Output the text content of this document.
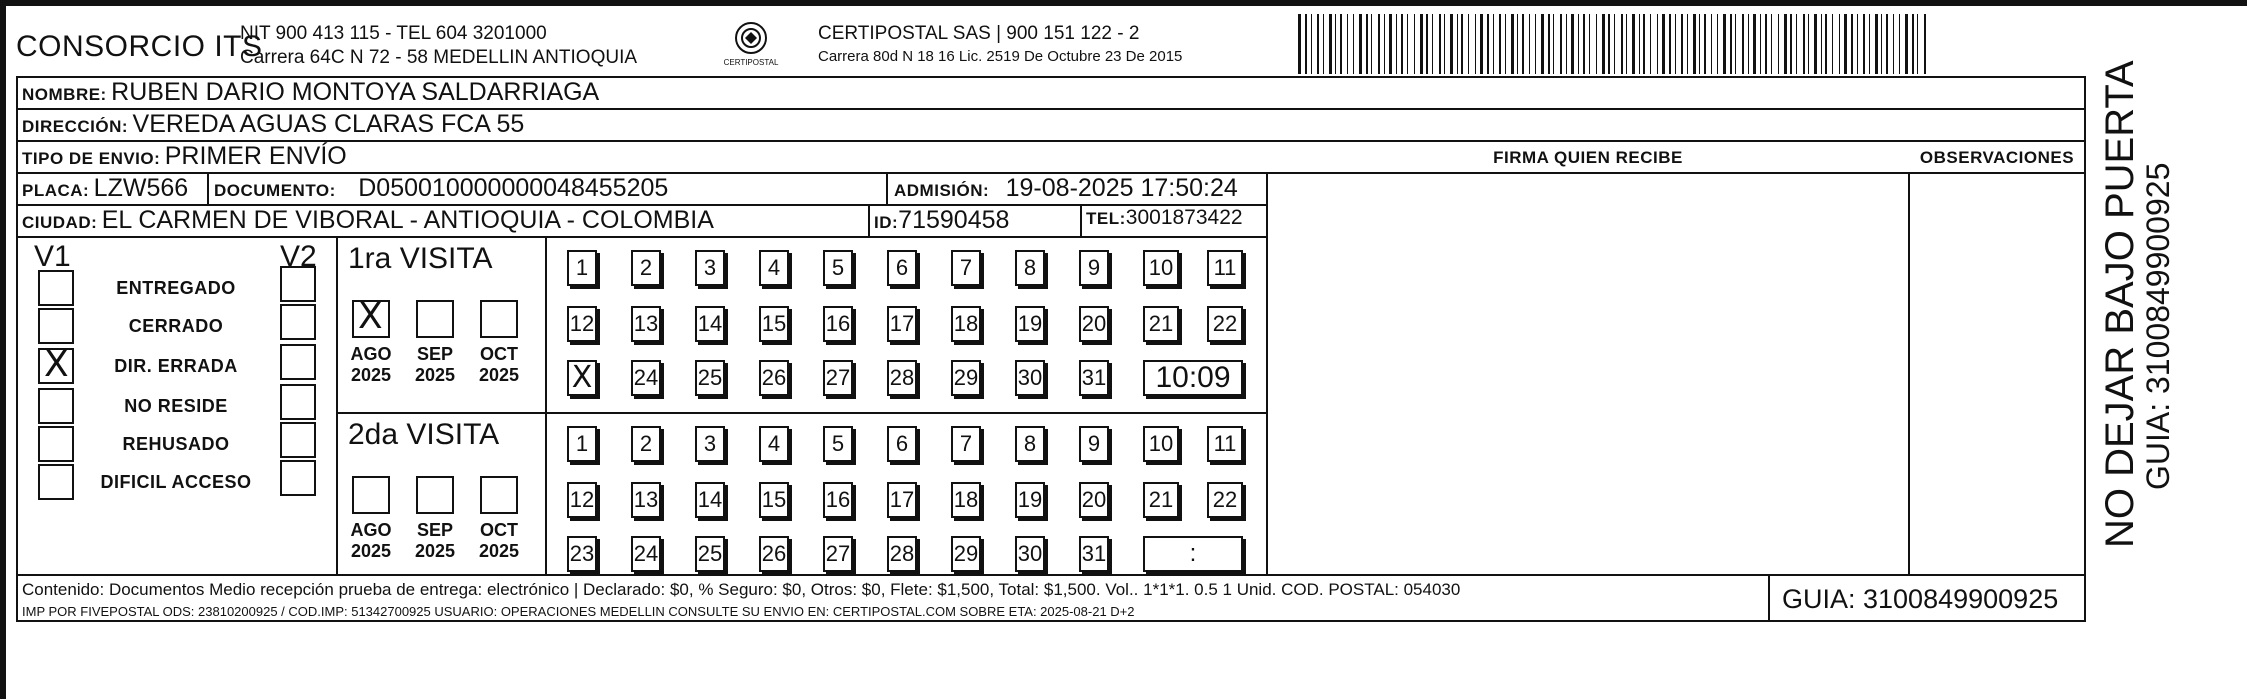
CONSORCIO ITS
NIT 900 413 115 - TEL 604 3201000
Carrera 64C N 72 - 58 MEDELLIN ANTIOQUIA	CERTIPOSTAL
CERTIPOSTAL SAS | 900 151 122 - 2
Carrera 80d N 18 16 Lic. 2519 De Octubre 23 De 2015
NOMBRE: RUBEN DARIO MONTOYA SALDARRIAGA
DIRECCIÓN: VEREDA AGUAS CLARAS FCA 55
TIPO DE ENVIO: PRIMER ENVÍO	FIRMA QUIEN RECIBE	OBSERVACIONES
PLACA: LZW566 DOCUMENTO: D050010000000048455205	ADMISIÓN: 19-08-2025 17:50:24
CIUDAD: EL CARMEN DE VIBORAL - ANTIOQUIA - COLOMBIA	ID:71590458	TEL:3001873422
V1	V2
ENTREGADO
CERRADO
X	DIR. ERRADA
NO RESIDE
REHUSADO
DIFICIL ACCESO
1ra VISITA
X
AGO
2025
SEP
2025
OCT
2025
1	2	3	4	5	6	7	8	9	10 11
12 13 14 15 16 17 18 19 20 21 22
X 24 25 26 27 28 29 30 31	10:09
2da VISITA
AGO
2025
SEP
2025
OCT
2025
1	2	3	4	5	6	7	8	9	10 11
12 13 14 15 16 17 18 19 20 21 22
23 24 25 26 27 28 29 30 31	:
Contenido: Documentos Medio recepción prueba de entrega: electrónico | Declarado: $0, % Seguro: $0, Otros: $0, Flete: $1,500, Total: $1,500. Vol.. 1*1*1. 0.5 1 Unid. COD. POSTAL: 054030
IMP POR FIVEPOSTAL ODS: 23810200925 / COD.IMP: 51342700925 USUARIO: OPERACIONES MEDELLIN CONSULTE SU ENVIO EN: CERTIPOSTAL.COM SOBRE ETA: 2025-08-21 D+2	GUIA: 3100849900925
NO DEJAR BAJO PUERTA
GUIA: 3100849900925
